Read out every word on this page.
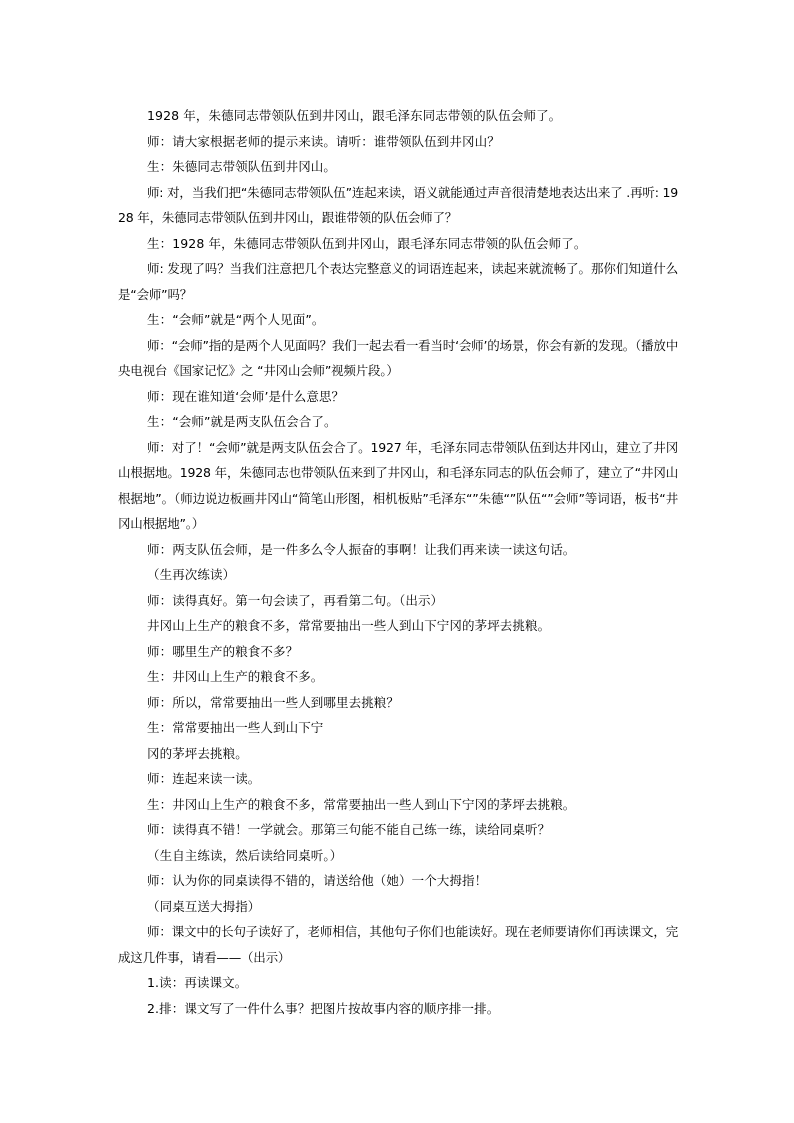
1928 年，朱德同志带领队伍到井冈山，跟毛泽东同志带领的队伍会师了。

师：请大家根据老师的提示来读。请听：谁带领队伍到井冈山？

生：朱德同志带领队伍到井冈山。

师: 对，当我们把“朱德同志带领队伍”连起来读，语义就能通过声音很清楚地表达出来了 .再听: 1928 年，朱德同志带领队伍到井冈山，跟谁带领的队伍会师了？

生：1928 年，朱德同志带领队伍到井冈山，跟毛泽东同志带领的队伍会师了。

师: 发现了吗？当我们注意把几个表达完整意义的词语连起来，读起来就流畅了。那你们知道什么是“会师”吗？

生：“会师”就是“两个人见面”。

师：“会师”指的是两个人见面吗？我们一起去看一看当时‘会师’的场景，你会有新的发现。（播放中央电视台《国家记忆》之 “井冈山会师”视频片段。）

师：现在谁知道‘会师’是什么意思？

生：“会师”就是两支队伍会合了。

师：对了！“会师”就是两支队伍会合了。1927 年，毛泽东同志带领队伍到达井冈山，建立了井冈山根据地。1928 年，朱德同志也带领队伍来到了井冈山，和毛泽东同志的队伍会师了，建立了“井冈山根据地”。（师边说边板画井冈山“简笔山形图，相机板贴”毛泽东“”朱德“”队伍“”会师”等词语，板书“井冈山根据地”。）

师：两支队伍会师，是一件多么令人振奋的事啊！让我们再来读一读这句话。

（生再次练读）

师：读得真好。第一句会读了，再看第二句。（出示）

井冈山上生产的粮食不多，常常要抽出一些人到山下宁冈的茅坪去挑粮。

师：哪里生产的粮食不多？

生：井冈山上生产的粮食不多。

师：所以，常常要抽出一些人到哪里去挑粮？

生：常常要抽出一些人到山下宁

冈的茅坪去挑粮。

师：连起来读一读。

生：井冈山上生产的粮食不多，常常要抽出一些人到山下宁冈的茅坪去挑粮。

师：读得真不错！一学就会。那第三句能不能自己练一练，读给同桌听？

（生自主练读，然后读给同桌听。）

师：认为你的同桌读得不错的，请送给他（她）一个大拇指！

（同桌互送大拇指）

师：课文中的长句子读好了，老师相信，其他句子你们也能读好。现在老师要请你们再读课文，完成这几件事，请看——（出示）

1.读：再读课文。

2.排：课文写了一件什么事？把图片按故事内容的顺序排一排。
